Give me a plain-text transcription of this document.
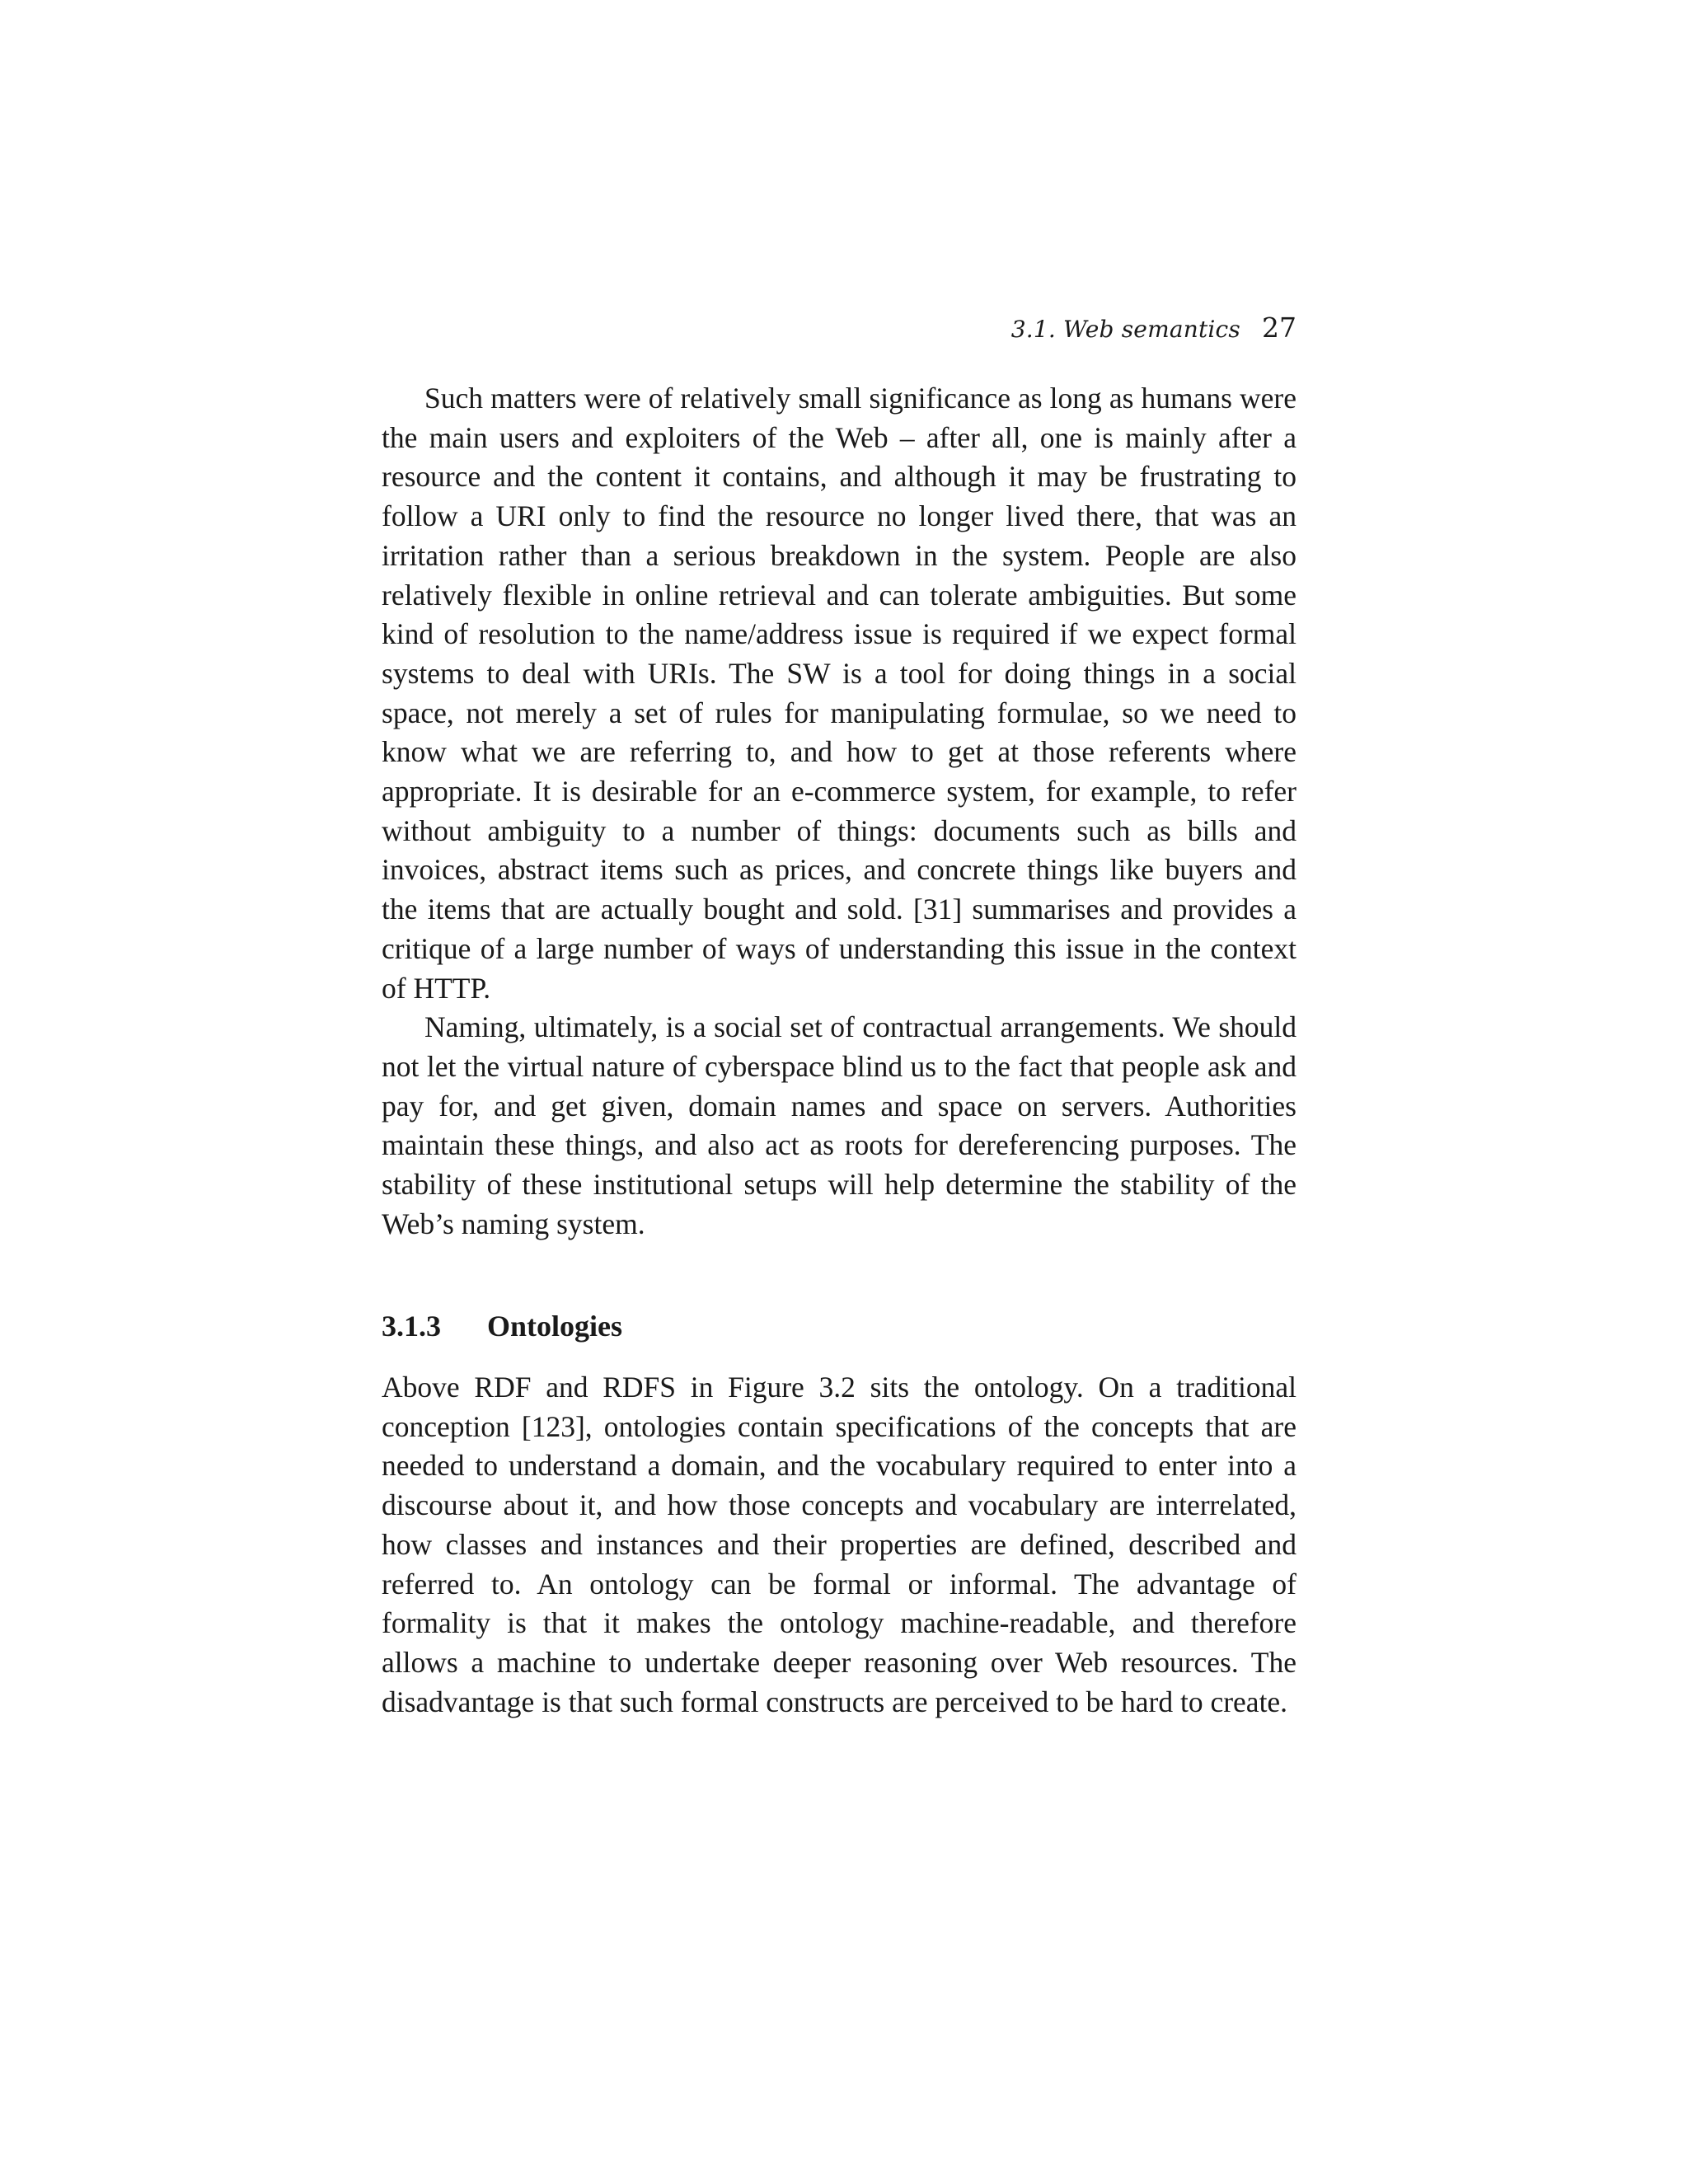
3.1. Web semantics 27

Such matters were of relatively small significance as long as humans were the main users and exploiters of the Web – after all, one is mainly after a resource and the content it contains, and although it may be frustrating to follow a URI only to find the resource no longer lived there, that was an irritation rather than a serious breakdown in the system. People are also relatively flexible in online retrieval and can tolerate ambiguities. But some kind of resolution to the name/address issue is required if we expect formal systems to deal with URIs. The SW is a tool for doing things in a social space, not merely a set of rules for manipulating formulae, so we need to know what we are referring to, and how to get at those referents where appropriate. It is desirable for an e-commerce system, for example, to refer without ambiguity to a number of things: documents such as bills and invoices, abstract items such as prices, and concrete things like buyers and the items that are actually bought and sold. [31] summarises and provides a critique of a large number of ways of understanding this issue in the context of HTTP.

Naming, ultimately, is a social set of contractual arrangements. We should not let the virtual nature of cyberspace blind us to the fact that people ask and pay for, and get given, domain names and space on servers. Authorities maintain these things, and also act as roots for dereferencing purposes. The stability of these institutional setups will help determine the stability of the Web’s naming system.

3.1.3	Ontologies

Above RDF and RDFS in Figure 3.2 sits the ontology. On a traditional conception [123], ontologies contain specifications of the concepts that are needed to understand a domain, and the vocabulary required to enter into a discourse about it, and how those concepts and vocabulary are interrelated, how classes and instances and their properties are defined, described and referred to. An ontology can be formal or informal. The advantage of formality is that it makes the ontology machine-readable, and therefore allows a machine to undertake deeper reasoning over Web resources. The disadvantage is that such formal constructs are perceived to be hard to create.
